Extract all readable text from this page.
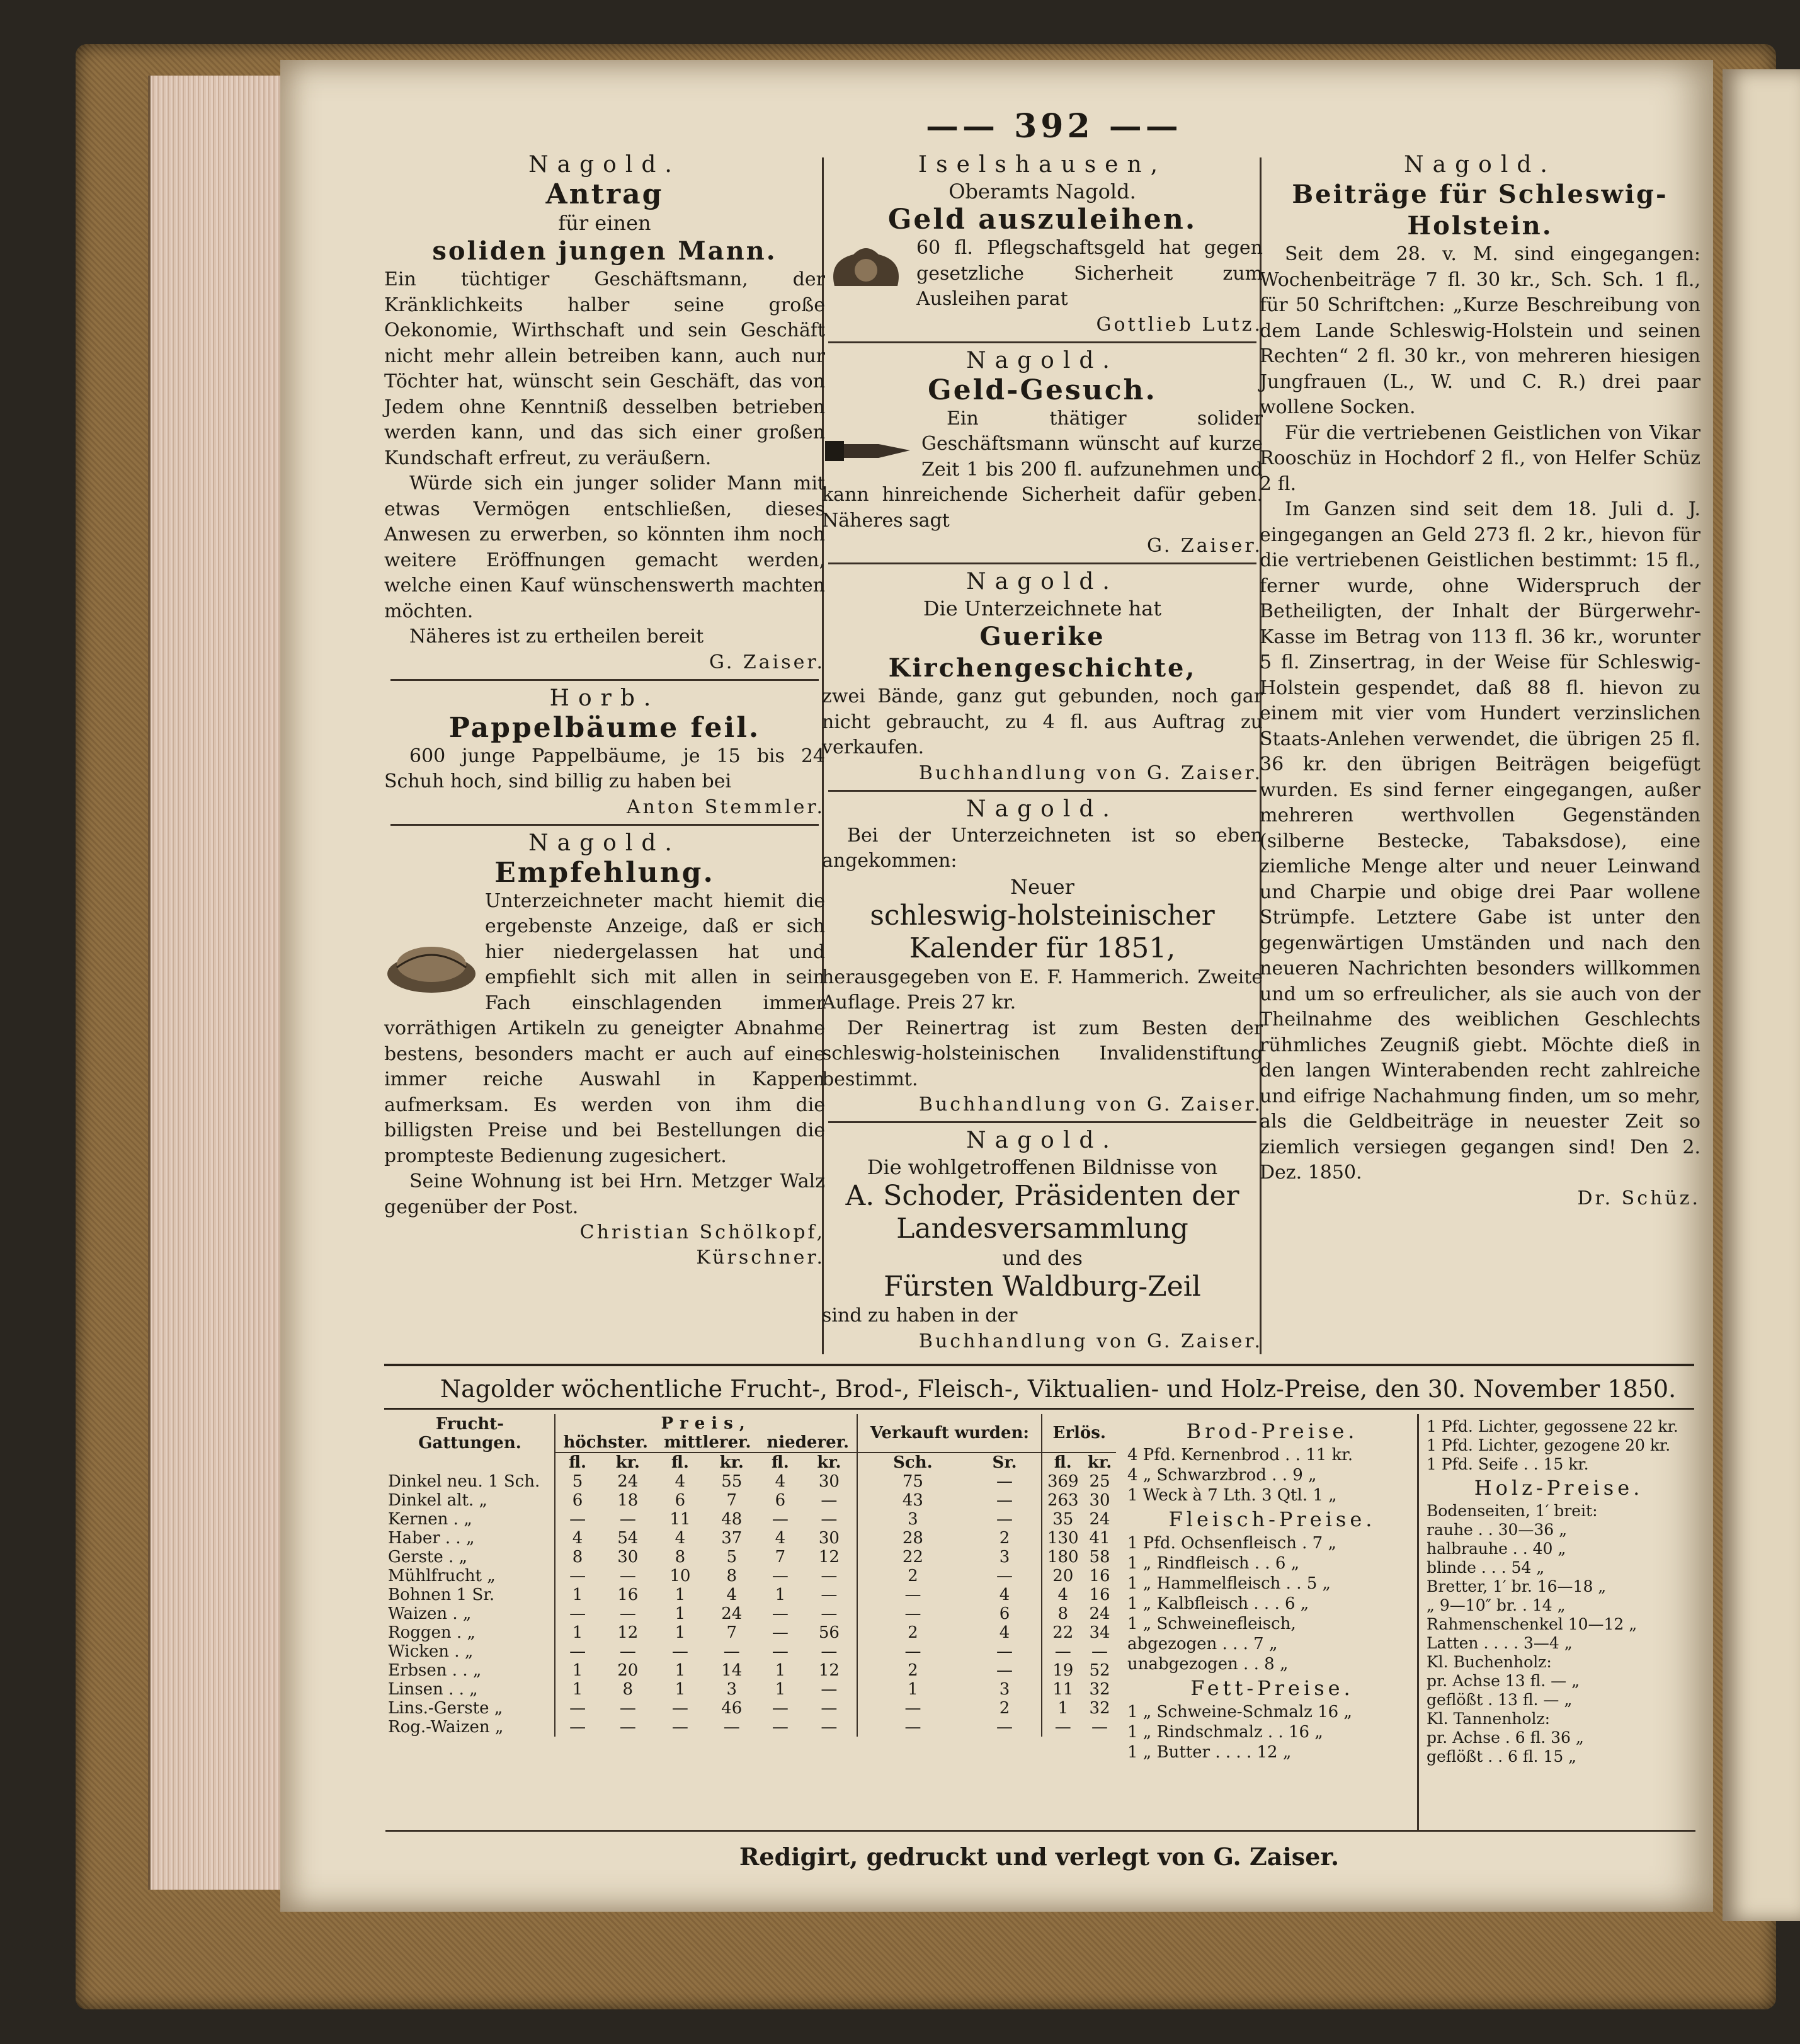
—— 392 ——
Nagold.
Antrag
für einen
soliden jungen Mann.

Ein tüchtiger Geschäftsmann, der Kränklichkeits halber seine große Oekonomie, Wirthschaft und sein Geschäft nicht mehr allein betreiben kann, auch nur Töchter hat, wünscht sein Geschäft, das von Jedem ohne Kenntniß desselben betrieben werden kann, und das sich einer großen Kundschaft erfreut, zu veräußern.

Würde sich ein junger solider Mann mit etwas Vermögen entschließen, dieses Anwesen zu erwerben, so könnten ihm noch weitere Eröffnungen gemacht werden, welche einen Kauf wünschenswerth machten möchten.

Näheres ist zu ertheilen bereit

G. Zaiser.
Horb.
Pappelbäume feil.

600 junge Pappelbäume, je 15 bis 24 Schuh hoch, sind billig zu haben bei

Anton Stemmler.
Nagold.
Empfehlung.

Unterzeichneter macht hiemit die ergebenste Anzeige, daß er sich hier niedergelassen hat und empfiehlt sich mit allen in sein Fach einschlagenden immer vorräthigen Artikeln zu geneigter Abnahme bestens, besonders macht er auch auf eine immer reiche Auswahl in Kappen aufmerksam. Es werden von ihm die billigsten Preise und bei Bestellungen die prompteste Bedienung zugesichert.

Seine Wohnung ist bei Hrn. Metzger Walz gegenüber der Post.

Christian Schölkopf,
Kürschner.
Iselshausen,
Oberamts Nagold.
Geld auszuleihen.

60 fl. Pflegschaftsgeld hat gegen gesetzliche Sicherheit zum Ausleihen parat

Gottlieb Lutz.
Nagold.
Geld-Gesuch.

Ein thätiger solider Geschäftsmann wünscht auf kurze Zeit 1 bis 200 fl. aufzunehmen und kann hinreichende Sicherheit dafür geben. Näheres sagt

G. Zaiser.
Nagold.
Die Unterzeichnete hat
Guerike Kirchengeschichte,

zwei Bände, ganz gut gebunden, noch gar nicht gebraucht, zu 4 fl. aus Auftrag zu verkaufen.

Buchhandlung von G. Zaiser.
Nagold.

Bei der Unterzeichneten ist so eben angekommen:

Neuer
schleswig-holsteinischer Kalender für 1851,

herausgegeben von E. F. Hammerich. Zweite Auflage. Preis 27 kr.

Der Reinertrag ist zum Besten der schleswig-holsteinischen Invalidenstiftung bestimmt.

Buchhandlung von G. Zaiser.
Nagold.
Die wohlgetroffenen Bildnisse von
A. Schoder, Präsidenten der Landesversammlung
und des
Fürsten Waldburg-Zeil

sind zu haben in der

Buchhandlung von G. Zaiser.
Nagold.
Beiträge für Schleswig-Holstein.

Seit dem 28. v. M. sind eingegangen: Wochenbeiträge 7 fl. 30 kr., Sch. Sch. 1 fl., für 50 Schriftchen: „Kurze Beschreibung von dem Lande Schleswig-Holstein und seinen Rechten“ 2 fl. 30 kr., von mehreren hiesigen Jungfrauen (L., W. und C. R.) drei paar wollene Socken.

Für die vertriebenen Geistlichen von Vikar Rooschüz in Hochdorf 2 fl., von Helfer Schüz 2 fl.

Im Ganzen sind seit dem 18. Juli d. J. eingegangen an Geld 273 fl. 2 kr., hievon für die vertriebenen Geistlichen bestimmt: 15 fl., ferner wurde, ohne Widerspruch der Betheiligten, der Inhalt der Bürgerwehr-Kasse im Betrag von 113 fl. 36 kr., worunter 5 fl. Zinsertrag, in der Weise für Schleswig-Holstein gespendet, daß 88 fl. hievon zu einem mit vier vom Hundert verzinslichen Staats-Anlehen verwendet, die übrigen 25 fl. 36 kr. den übrigen Beiträgen beigefügt wurden. Es sind ferner eingegangen, außer mehreren werthvollen Gegenständen (silberne Bestecke, Tabaksdose), eine ziemliche Menge alter und neuer Leinwand und Charpie und obige drei Paar wollene Strümpfe. Letztere Gabe ist unter den gegenwärtigen Umständen und nach den neueren Nachrichten besonders willkommen und um so erfreulicher, als sie auch von der Theilnahme des weiblichen Geschlechts rühmliches Zeugniß giebt. Möchte dieß in den langen Winterabenden recht zahlreiche und eifrige Nachahmung finden, um so mehr, als die Geldbeiträge in neuester Zeit so ziemlich versiegen gegangen sind! Den 2. Dez. 1850.

Dr. Schüz.
Nagolder wöchentliche Frucht-, Brod-, Fleisch-, Viktualien- und Holz-Preise, den 30. November 1850.
Frucht-Gattungen.	Preis,						Verkauft wurden:		Erlös.	
	höchster.		mittlerer.		niederer.					
	fl.	kr.	fl.	kr.	fl.	kr.	Sch.	Sr.	fl.	kr.
Dinkel neu. 1 Sch.	5	24	4	55	4	30	75	—	369	25
Dinkel alt. „	6	18	6	7	6	—	43	—	263	30
Kernen . „	—	—	11	48	—	—	3	—	35	24
Haber . . „	4	54	4	37	4	30	28	2	130	41
Gerste . „	8	30	8	5	7	12	22	3	180	58
Mühlfrucht „	—	—	10	8	—	—	2	—	20	16
Bohnen 1 Sr.	1	16	1	4	1	—	—	4	4	16
Waizen . „	—	—	1	24	—	—	—	6	8	24
Roggen . „	1	12	1	7	—	56	2	4	22	34
Wicken . „	—	—	—	—	—	—	—	—	—	—
Erbsen . . „	1	20	1	14	1	12	2	—	19	52
Linsen . . „	1	8	1	3	1	—	1	3	11	32
Lins.-Gerste „	—	—	—	46	—	—	—	2	1	32
Rog.-Waizen „	—	—	—	—	—	—	—	—	—	—
Brod-Preise.
4 Pfd. Kernenbrod . . 11 kr.
4 „ Schwarzbrod . . 9 „
1 Weck à 7 Lth. 3 Qtl. 1 „
Fleisch-Preise.
1 Pfd. Ochsenfleisch . 7 „
1 „ Rindfleisch . . 6 „
1 „ Hammelfleisch . . 5 „
1 „ Kalbfleisch . . . 6 „
1 „ Schweinefleisch,
abgezogen . . . 7 „
unabgezogen . . 8 „
Fett-Preise.
1 „ Schweine-Schmalz 16 „
1 „ Rindschmalz . . 16 „
1 „ Butter . . . . 12 „
1 Pfd. Lichter, gegossene 22 kr.
1 Pfd. Lichter, gezogene 20 kr.
1 Pfd. Seife . . 15 kr.
Holz-Preise.
Bodenseiten, 1′ breit:
rauhe . . 30—36 „
halbrauhe . . 40 „
blinde . . . 54 „
Bretter, 1′ br. 16—18 „
„ 9—10″ br. . 14 „
Rahmenschenkel 10—12 „
Latten . . . . 3—4 „
Kl. Buchenholz:
pr. Achse 13 fl. — „
geflößt . 13 fl. — „
Kl. Tannenholz:
pr. Achse . 6 fl. 36 „
geflößt . . 6 fl. 15 „
Redigirt, gedruckt und verlegt von G. Zaiser.
